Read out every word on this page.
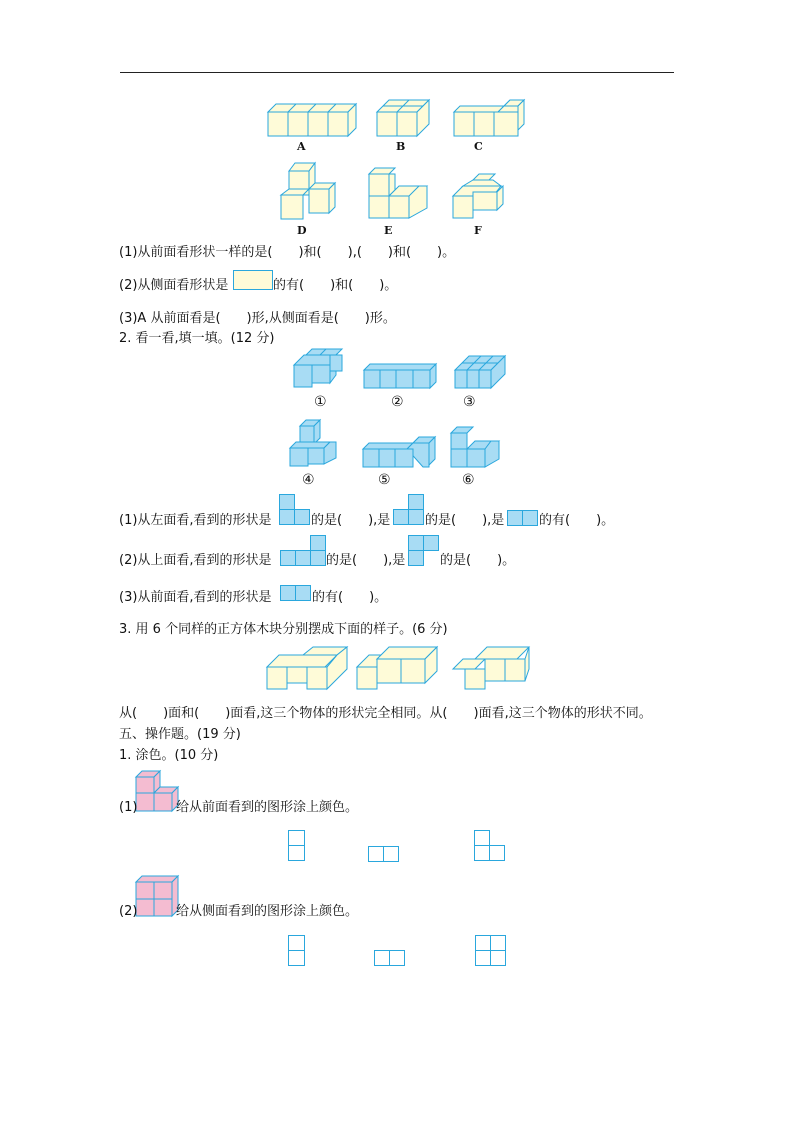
A	B	C
D	E	F
(1)从前面看形状一样的是(　　)和(　　),(　　)和(　　)。
(2)从侧面看形状是	的有(　　)和(　　)。
(3)A 从前面看是(　　)形,从侧面看是(　　)形。
2. 看一看,填一填。(12 分)
①	②	③
④	⑤	⑥
(1)从左面看,看到的形状是	的是(　　),是	的是(　　),是	的有(　　)。
(2)从上面看,看到的形状是	的是(　　),是	的是(　　)。
(3)从前面看,看到的形状是	的有(　　)。
3. 用 6 个同样的正方体木块分别摆成下面的样子。(6 分)
从(　　)面和(　　)面看,这三个物体的形状完全相同。从(　　)面看,这三个物体的形状不同。
五、操作题。(19 分)
1. 涂色。(10 分)
(1)	给从前面看到的图形涂上颜色。
(2)	给从侧面看到的图形涂上颜色。
